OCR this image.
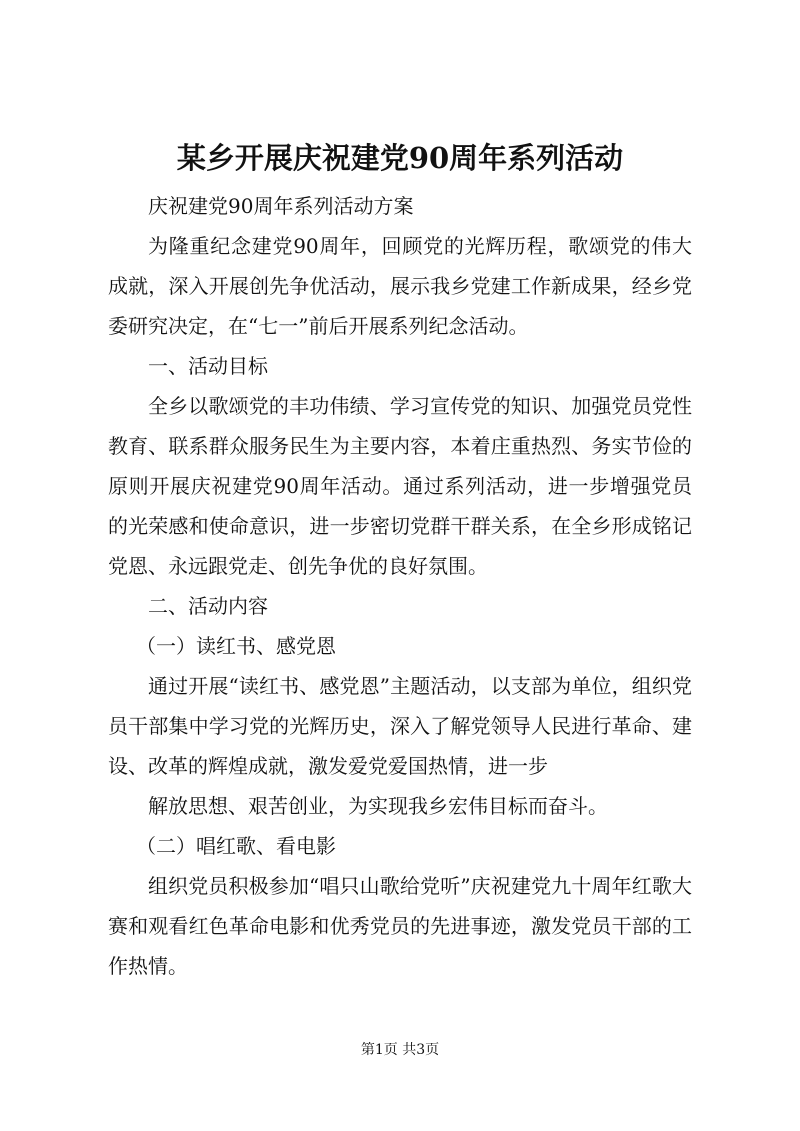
某乡开展庆祝建党90周年系列活动

庆祝建党90周年系列活动方案

为隆重纪念建党90周年，回顾党的光辉历程，歌颂党的伟大成就，深入开展创先争优活动，展示我乡党建工作新成果，经乡党委研究决定，在“七一”前后开展系列纪念活动。

一、活动目标

全乡以歌颂党的丰功伟绩、学习宣传党的知识、加强党员党性教育、联系群众服务民生为主要内容，本着庄重热烈、务实节俭的原则开展庆祝建党90周年活动。通过系列活动，进一步增强党员的光荣感和使命意识，进一步密切党群干群关系，在全乡形成铭记党恩、永远跟党走、创先争优的良好氛围。

二、活动内容

（一）读红书、感党恩

通过开展“读红书、感党恩”主题活动，以支部为单位，组织党员干部集中学习党的光辉历史，深入了解党领导人民进行革命、建设、改革的辉煌成就，激发爱党爱国热情，进一步

解放思想、艰苦创业，为实现我乡宏伟目标而奋斗。

（二）唱红歌、看电影

组织党员积极参加“唱只山歌给党听”庆祝建党九十周年红歌大赛和观看红色革命电影和优秀党员的先进事迹，激发党员干部的工作热情。

第1页 共3页
